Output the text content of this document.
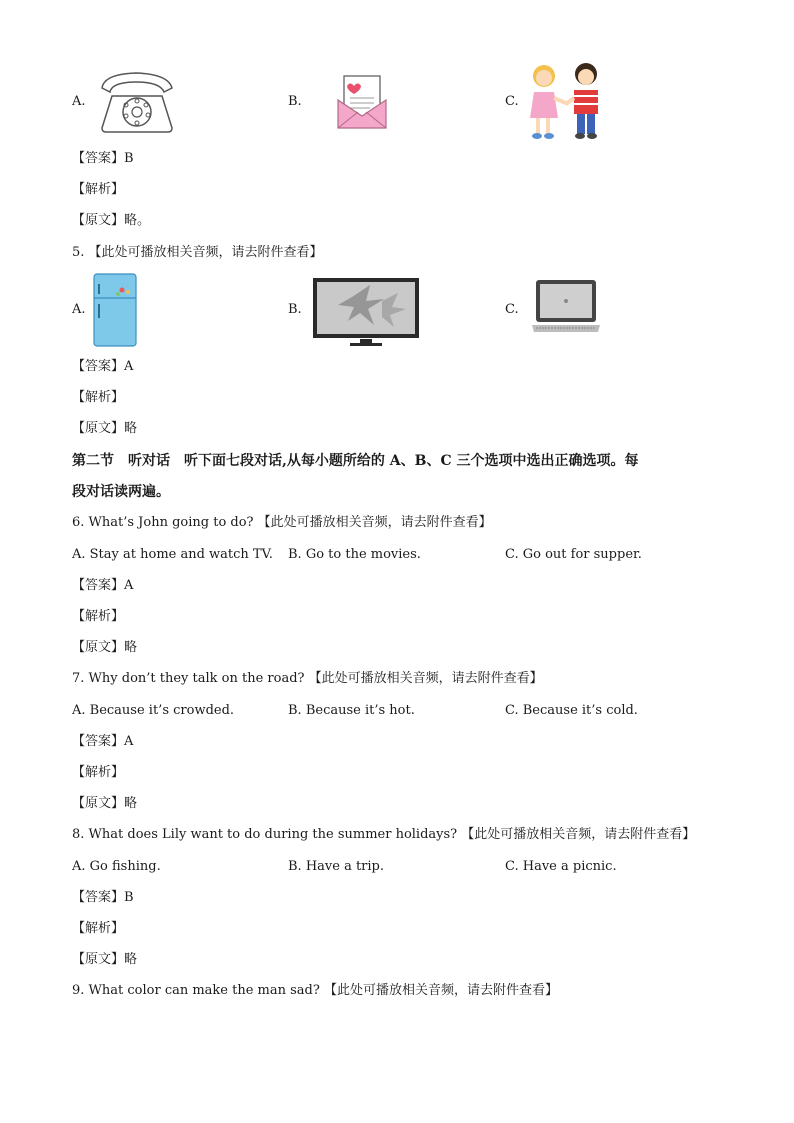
A.	B.	C.
【答案】B
【解析】
【原文】略。
5. 【此处可播放相关音频，请去附件查看】
A.	B.	C.
【答案】A
【解析】
【原文】略
第二节　听对话　听下面七段对话,从每小题所给的 A、B、C 三个选项中选出正确选项。每
段对话读两遍。
6. What’s John going to do? 【此处可播放相关音频，请去附件查看】
A. Stay at home and watch TV. B. Go to the movies.	C. Go out for supper.
【答案】A
【解析】
【原文】略
7. Why don’t they talk on the road? 【此处可播放相关音频，请去附件查看】
A. Because it’s crowded.	B. Because it’s hot.	C. Because it’s cold.
【答案】A
【解析】
【原文】略
8. What does Lily want to do during the summer holidays? 【此处可播放相关音频，请去附件查看】
A. Go fishing.	B. Have a trip.	C. Have a picnic.
【答案】B
【解析】
【原文】略
9. What color can make the man sad? 【此处可播放相关音频，请去附件查看】
